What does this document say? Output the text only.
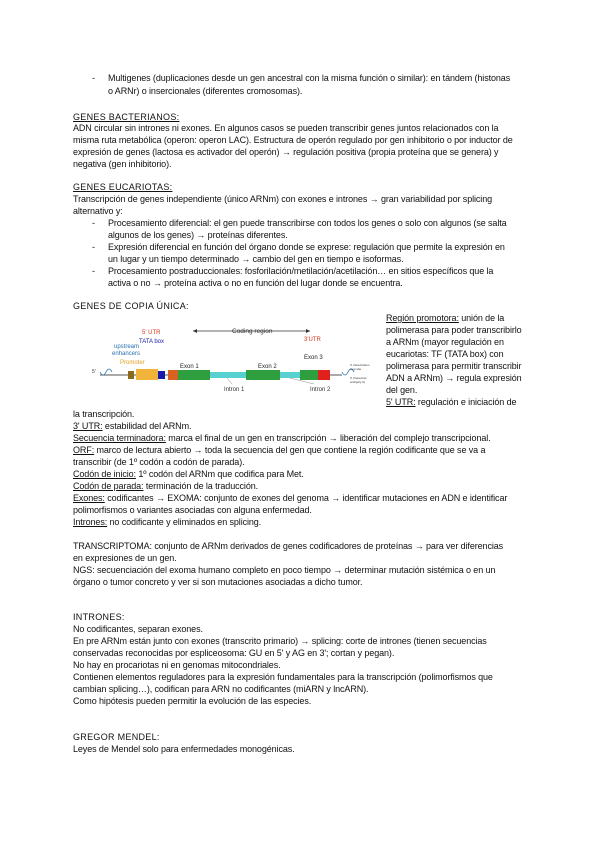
- Multigenes (duplicaciones desde un gen ancestral con la misma función o similar): en tándem (histonas
o ARNr) o insercionales (diferentes cromosomas).
GENES BACTERIANOS:
ADN circular sin intrones ni exones. En algunos casos se pueden transcribir genes juntos relacionados con la
misma ruta metabólica (operon: operon LAC). Estructura de operón regulado por gen inhibitorio o por inductor de
expresión de genes (lactosa es activador del operón) → regulación positiva (propia proteína que se genera) y
negativa (gen inhibitorio).
GENES EUCARIOTAS:
Transcripción de genes independiente (único ARNm) con exones e intrones → gran variabilidad por splicing
alternativo y:
- Procesamiento diferencial: el gen puede transcribirse con todos los genes o solo con algunos (se salta
algunos de los genes) → proteínas diferentes.
- Expresión diferencial en función del órgano donde se exprese: regulación que permite la expresión en
un lugar y un tiempo determinado → cambio del gen en tiempo e isoformas.
- Procesamiento postraduccionales: fosforilación/metilación/acetilación… en sitios específicos que la
activa o no → proteína activa o no en función del lugar donde se encuentra.
GENES DE COPIA ÚNICA:
Coding region
upstream
enhancers
5' UTR
TATA box
Promoter
3'UTR
5'
Exon 1	Exon 2
Exon 3
Intron 1	Intron 2
3' transcription
stop site
3' (transcript
end/poly A)
Región promotora: unión de la
polimerasa para poder transcribirlo
a ARNm (mayor regulación en
eucariotas: TF (TATA box) con
polimerasa para permitir transcribir
ADN a ARNm) → regula expresión
del gen.
5' UTR: regulación e iniciación de
la transcripción.
3' UTR: estabilidad del ARNm.
Secuencia terminadora: marca el final de un gen en transcripción → liberación del complejo transcripcional.
ORF: marco de lectura abierto → toda la secuencia del gen que contiene la región codificante que se va a
transcribir (de 1º codón a codón de parada).
Codón de inicio: 1º codón del ARNm que codifica para Met.
Codón de parada: terminación de la traducción.
Exones: codificantes → EXOMA: conjunto de exones del genoma → identificar mutaciones en ADN e identificar
polimorfismos o variantes asociadas con alguna enfermedad.
Intrones: no codificante y eliminados en splicing.
TRANSCRIPTOMA: conjunto de ARNm derivados de genes codificadores de proteínas → para ver diferencias
en expresiones de un gen.
NGS: secuenciación del exoma humano completo en poco tiempo → determinar mutación sistémica o en un
órgano o tumor concreto y ver si son mutaciones asociadas a dicho tumor.
INTRONES:
No codificantes, separan exones.
En pre ARNm están junto con exones (transcrito primario) → splicing: corte de intrones (tienen secuencias
conservadas reconocidas por espliceosoma: GU en 5' y AG en 3'; cortan y pegan).
No hay en procariotas ni en genomas mitocondriales.
Contienen elementos reguladores para la expresión fundamentales para la transcripción (polimorfismos que
cambian splicing…), codifican para ARN no codificantes (miARN y lncARN).
Como hipótesis pueden permitir la evolución de las especies.
GREGOR MENDEL:
Leyes de Mendel solo para enfermedades monogénicas.
